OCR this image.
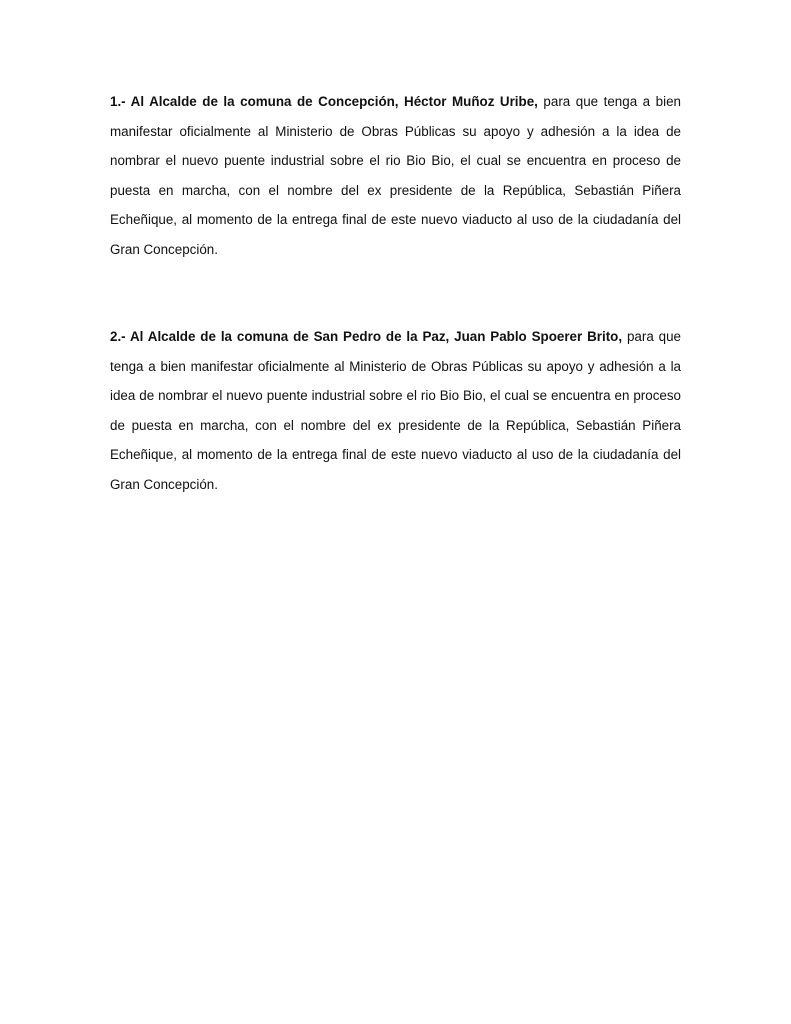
1.- Al Alcalde de la comuna de Concepción, Héctor Muñoz Uribe, para que tenga a bien manifestar oficialmente al Ministerio de Obras Públicas su apoyo y adhesión a la idea de nombrar el nuevo puente industrial sobre el rio Bio Bio, el cual se encuentra en proceso de puesta en marcha, con el nombre del ex presidente de la República, Sebastián Piñera Echeñique, al momento de la entrega final de este nuevo viaducto al uso de la ciudadanía del Gran Concepción.

2.- Al Alcalde de la comuna de San Pedro de la Paz, Juan Pablo Spoerer Brito, para que tenga a bien manifestar oficialmente al Ministerio de Obras Públicas su apoyo y adhesión a la idea de nombrar el nuevo puente industrial sobre el rio Bio Bio, el cual se encuentra en proceso de puesta en marcha, con el nombre del ex presidente de la República, Sebastián Piñera Echeñique, al momento de la entrega final de este nuevo viaducto al uso de la ciudadanía del Gran Concepción.
